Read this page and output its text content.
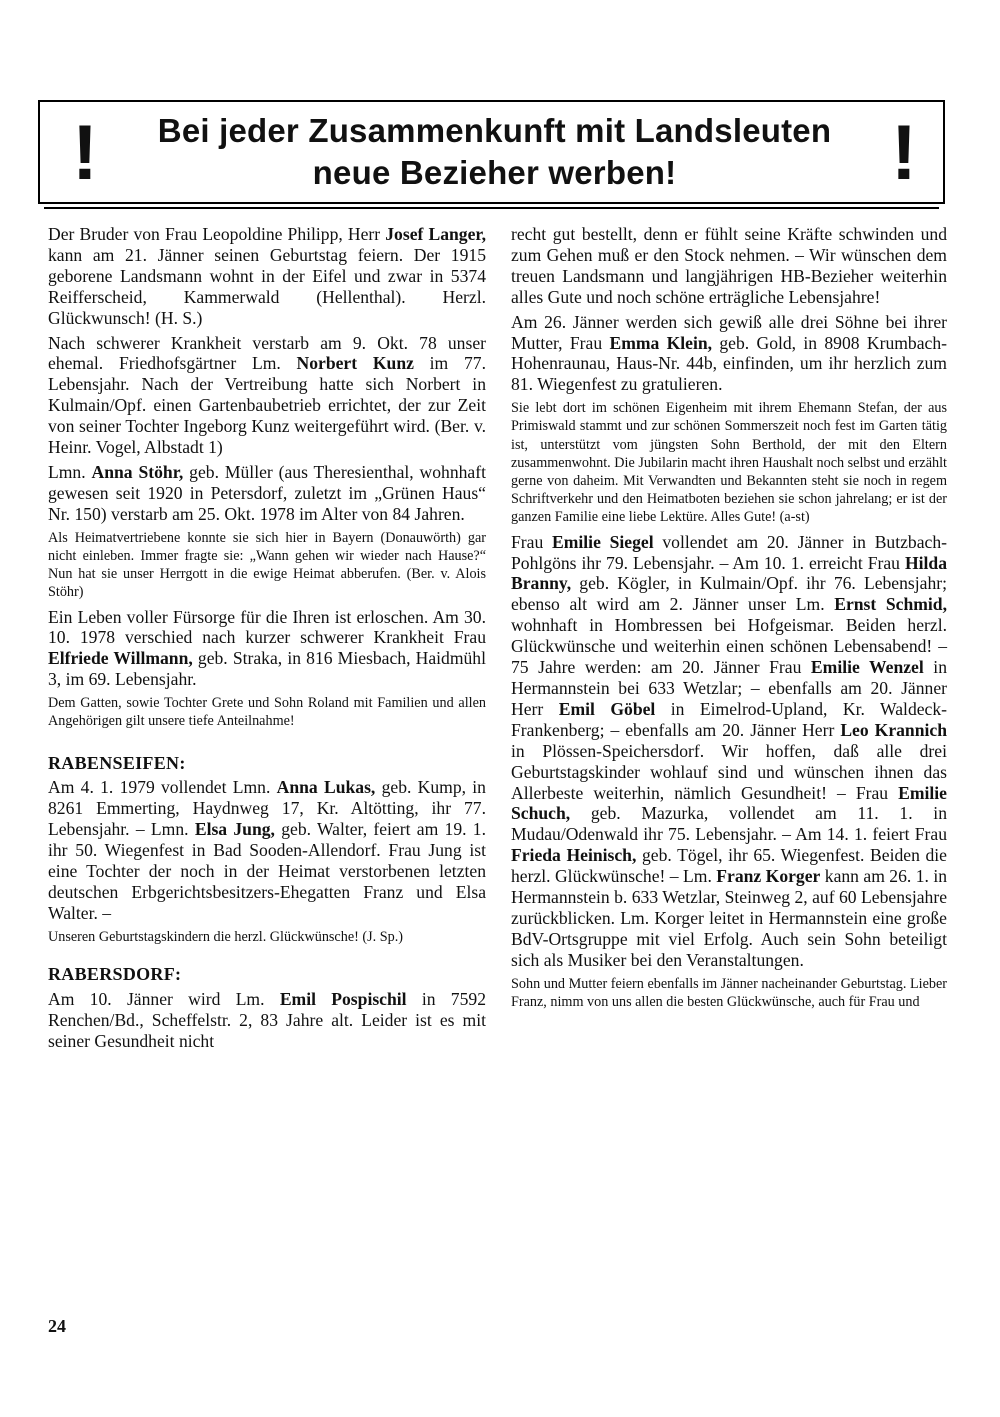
!	Bei jeder Zusammenkunft mit Landsleuten
neue Bezieher werben!	!

Der Bruder von Frau Leopoldine Philipp, Herr Josef Langer, kann am 21. Jänner seinen Geburtstag feiern. Der 1915 geborene Landsmann wohnt in der Eifel und zwar in 5374 Reifferscheid, Kammerwald (Hellenthal). Herzl. Glückwunsch! (H. S.)

Nach schwerer Krankheit verstarb am 9. Okt. 78 unser ehemal. Friedhofsgärtner Lm. Norbert Kunz im 77. Lebensjahr. Nach der Vertreibung hatte sich Norbert in Kulmain/Opf. einen Gartenbaubetrieb errichtet, der zur Zeit von seiner Tochter Ingeborg Kunz weitergeführt wird. (Ber. v. Heinr. Vogel, Albstadt 1)

Lmn. Anna Stöhr, geb. Müller (aus Theresienthal, wohnhaft gewesen seit 1920 in Petersdorf, zuletzt im „Grünen Haus“ Nr. 150) verstarb am 25. Okt. 1978 im Alter von 84 Jahren.

Als Heimatvertriebene konnte sie sich hier in Bayern (Donauwörth) gar nicht einleben. Immer fragte sie: „Wann gehen wir wieder nach Hause?“ Nun hat sie unser Herrgott in die ewige Heimat abberufen. (Ber. v. Alois Stöhr)

Ein Leben voller Fürsorge für die Ihren ist erloschen. Am 30. 10. 1978 verschied nach kurzer schwerer Krankheit Frau Elfriede Willmann, geb. Straka, in 816 Miesbach, Haidmühl 3, im 69. Lebensjahr.

Dem Gatten, sowie Tochter Grete und Sohn Roland mit Familien und allen Angehörigen gilt unsere tiefe Anteilnahme!

RABENSEIFEN:

Am 4. 1. 1979 vollendet Lmn. Anna Lukas, geb. Kump, in 8261 Emmerting, Haydnweg 17, Kr. Altötting, ihr 77. Lebensjahr. – Lmn. Elsa Jung, geb. Walter, feiert am 19. 1. ihr 50. Wiegenfest in Bad Sooden-Allendorf. Frau Jung ist eine Tochter der noch in der Heimat verstorbenen letzten deutschen Erbgerichtsbesitzers-Ehegatten Franz und Elsa Walter. –

Unseren Geburtstagskindern die herzl. Glückwünsche! (J. Sp.)

RABERSDORF:

Am 10. Jänner wird Lm. Emil Pospischil in 7592 Renchen/Bd., Scheffelstr. 2, 83 Jahre alt. Leider ist es mit seiner Gesundheit nicht

recht gut bestellt, denn er fühlt seine Kräfte schwinden und zum Gehen muß er den Stock nehmen. – Wir wünschen dem treuen Landsmann und langjährigen HB-Bezieher weiterhin alles Gute und noch schöne erträgliche Lebensjahre!

Am 26. Jänner werden sich gewiß alle drei Söhne bei ihrer Mutter, Frau Emma Klein, geb. Gold, in 8908 Krumbach-Hohenraunau, Haus-Nr. 44b, einfinden, um ihr herzlich zum 81. Wiegenfest zu gratulieren.

Sie lebt dort im schönen Eigenheim mit ihrem Ehemann Stefan, der aus Primiswald stammt und zur schönen Sommerszeit noch fest im Garten tätig ist, unterstützt vom jüngsten Sohn Berthold, der mit den Eltern zusammenwohnt. Die Jubilarin macht ihren Haushalt noch selbst und erzählt gerne von daheim. Mit Verwandten und Bekannten steht sie noch in regem Schriftverkehr und den Heimatboten beziehen sie schon jahrelang; er ist der ganzen Familie eine liebe Lektüre. Alles Gute! (a-st)

Frau Emilie Siegel vollendet am 20. Jänner in Butzbach-Pohlgöns ihr 79. Lebensjahr. – Am 10. 1. erreicht Frau Hilda Branny, geb. Kögler, in Kulmain/Opf. ihr 76. Lebensjahr; ebenso alt wird am 2. Jänner unser Lm. Ernst Schmid, wohnhaft in Hombressen bei Hofgeismar. Beiden herzl. Glückwünsche und weiterhin einen schönen Lebensabend! – 75 Jahre werden: am 20. Jänner Frau Emilie Wenzel in Hermannstein bei 633 Wetzlar; – ebenfalls am 20. Jänner Herr Emil Göbel in Eimelrod-Upland, Kr. Waldeck-Frankenberg; – ebenfalls am 20. Jänner Herr Leo Krannich in Plössen-Speichersdorf. Wir hoffen, daß alle drei Geburtstagskinder wohlauf sind und wünschen ihnen das Allerbeste weiterhin, nämlich Gesundheit! – Frau Emilie Schuch, geb. Mazurka, vollendet am 11. 1. in Mudau/Odenwald ihr 75. Lebensjahr. – Am 14. 1. feiert Frau Frieda Heinisch, geb. Tögel, ihr 65. Wiegenfest. Beiden die herzl. Glückwünsche! – Lm. Franz Korger kann am 26. 1. in Hermannstein b. 633 Wetzlar, Steinweg 2, auf 60 Lebensjahre zurückblicken. Lm. Korger leitet in Hermannstein eine große BdV-Ortsgruppe mit viel Erfolg. Auch sein Sohn beteiligt sich als Musiker bei den Veranstaltungen.

Sohn und Mutter feiern ebenfalls im Jänner nacheinander Geburtstag. Lieber Franz, nimm von uns allen die besten Glückwünsche, auch für Frau und

24
